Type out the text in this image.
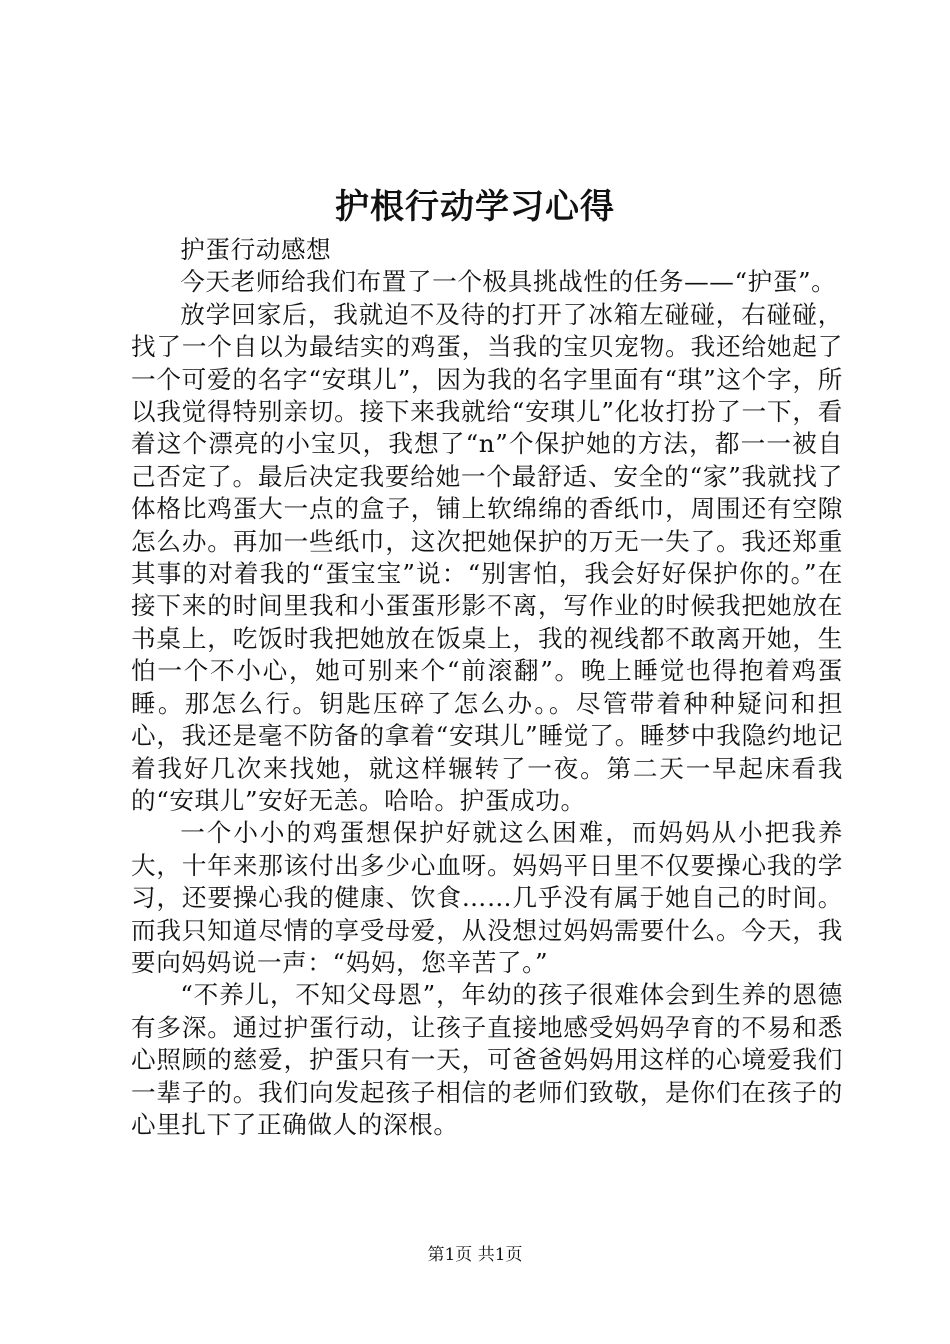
护根行动学习心得

护蛋行动感想

今天老师给我们布置了一个极具挑战性的任务——“护蛋”。

放学回家后，我就迫不及待的打开了冰箱左碰碰，右碰碰，找了一个自以为最结实的鸡蛋，当我的宝贝宠物。我还给她起了一个可爱的名字“安琪儿”，因为我的名字里面有“琪”这个字，所以我觉得特别亲切。接下来我就给“安琪儿”化妆打扮了一下，看着这个漂亮的小宝贝，我想了“n”个保护她的方法，都一一被自己否定了。最后决定我要给她一个最舒适、安全的“家”我就找了体格比鸡蛋大一点的盒子，铺上软绵绵的香纸巾，周围还有空隙怎么办。再加一些纸巾，这次把她保护的万无一失了。我还郑重其事的对着我的“蛋宝宝”说：“别害怕，我会好好保护你的。”在接下来的时间里我和小蛋蛋形影不离，写作业的时候我把她放在书桌上，吃饭时我把她放在饭桌上，我的视线都不敢离开她，生怕一个不小心，她可别来个“前滚翻”。晚上睡觉也得抱着鸡蛋睡。那怎么行。钥匙压碎了怎么办。。尽管带着种种疑问和担心，我还是毫不防备的拿着“安琪儿”睡觉了。睡梦中我隐约地记着我好几次来找她，就这样辗转了一夜。第二天一早起床看我的“安琪儿”安好无恙。哈哈。护蛋成功。

一个小小的鸡蛋想保护好就这么困难，而妈妈从小把我养大，十年来那该付出多少心血呀。妈妈平日里不仅要操心我的学习，还要操心我的健康、饮食……几乎没有属于她自己的时间。而我只知道尽情的享受母爱，从没想过妈妈需要什么。今天，我要向妈妈说一声：“妈妈，您辛苦了。”

“不养儿，不知父母恩”，年幼的孩子很难体会到生养的恩德有多深。通过护蛋行动，让孩子直接地感受妈妈孕育的不易和悉心照顾的慈爱，护蛋只有一天，可爸爸妈妈用这样的心境爱我们一辈子的。我们向发起孩子相信的老师们致敬，是你们在孩子的心里扎下了正确做人的深根。

第1页 共1页
